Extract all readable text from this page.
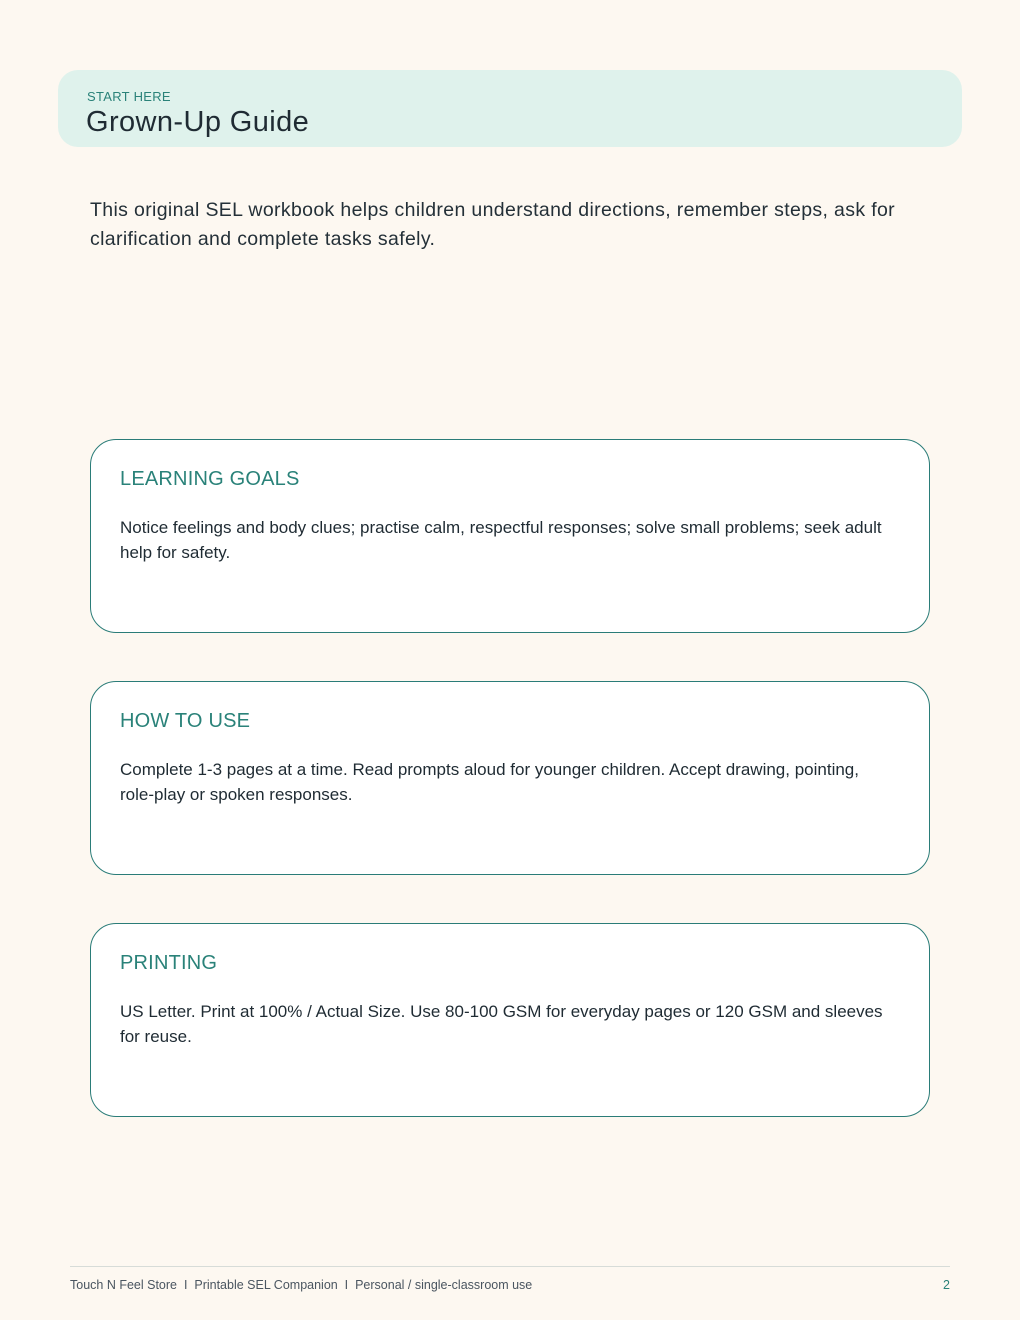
START HERE
Grown-Up Guide

This original SEL workbook helps children understand directions, remember steps, ask for clarification and complete tasks safely.

LEARNING GOALS

Notice feelings and body clues; practise calm, respectful responses; solve small problems; seek adult help for safety.

HOW TO USE

Complete 1-3 pages at a time. Read prompts aloud for younger children. Accept drawing, pointing, role-play or spoken responses.

PRINTING

US Letter. Print at 100% / Actual Size. Use 80-100 GSM for everyday pages or 120 GSM and sleeves for reuse.

Touch N Feel Store  I  Printable SEL Companion  I  Personal / single-classroom use	2
